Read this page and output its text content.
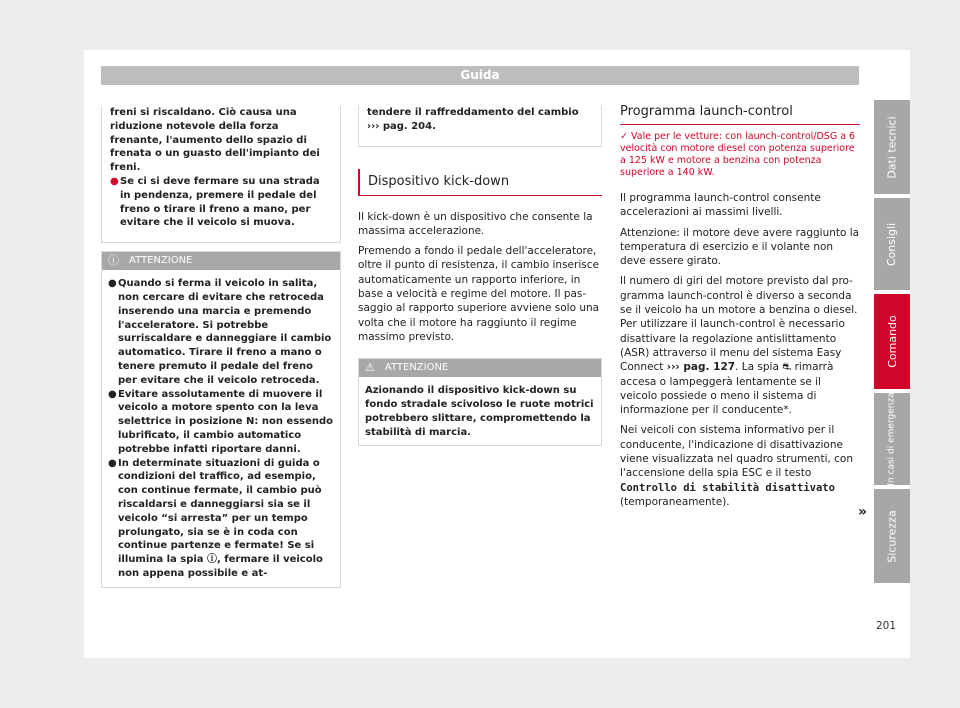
Guida

freni si riscaldano. Ciò causa una riduzione notevole della forza frenante, l'aumento dello spazio di frenata o un guasto dell'impianto dei freni.

● Se ci si deve fermare su una strada in pendenza, premere il pedale del freno o tirare il freno a mano, per evitare che il veicolo si muova.
ⓘ ATTENZIONE
● Quando si ferma il veicolo in salita, non cercare di evitare che retroceda inserendo una marcia e premendo l'acceleratore. Si potrebbe surriscaldare e danneggiare il cambio automatico. Tirare il freno a mano o tenere premuto il pedale del freno per evitare che il veicolo retroceda.
● Evitare assolutamente di muovere il veicolo a motore spento con la leva selettrice in posizione N: non essendo lubrificato, il cambio automatico potrebbe infatti riportare danni.
● In determinate situazioni di guida o condizioni del traffico, ad esempio, con continue fermate, il cambio può riscaldarsi e danneggiarsi sia se il veicolo “si arresta” per un tempo prolungato, sia se è in coda con continue partenze e fermate! Se si illumina la spia ⓘ, fermare il veicolo non appena possibile e at-
tendere il raffreddamento del cambio
››› pag. 204.
Dispositivo kick-down

Il kick-down è un dispositivo che consente la massima accelerazione.

Premendo a fondo il pedale dell'acceleratore, oltre il punto di resistenza, il cambio inserisce automaticamente un rapporto inferiore, in base a velocità e regime del motore. Il passaggio al rapporto superiore avviene solo una volta che il motore ha raggiunto il regime massimo previsto.

⚠ ATTENZIONE
Azionando il dispositivo kick-down su fondo stradale scivoloso le ruote motrici potrebbero slittare, compromettendo la stabilità di marcia.
Programma launch-control
✓ Vale per le vetture: con launch-control/DSG a 6 velocità con motore diesel con potenza superiore a 125 kW e motore a benzina con potenza superiore a 140 kW.

Il programma launch-control consente accelerazioni ai massimi livelli.

Attenzione: il motore deve avere raggiunto la temperatura di esercizio e il volante non deve essere girato.

Il numero di giri del motore previsto dal programma launch-control è diverso a seconda se il veicolo ha un motore a benzina o diesel. Per utilizzare il launch-control è necessario disattivare la regolazione antislittamento (ASR) attraverso il menu del sistema Easy Connect ››› pag. 127. La spia ⛐ rimarrà accesa o lampeggerà lentamente se il veicolo possiede o meno il sistema di informazione per il conducente*.

Nei veicoli con sistema informativo per il conducente, l'indicazione di disattivazione viene visualizzata nel quadro strumenti, con l'accensione della spia ESC e il testo Controllo di stabilità disattivato (temporaneamente).

»
Dati tecnici
Consigli
Comando
In casi di emergenza
Sicurezza
201
